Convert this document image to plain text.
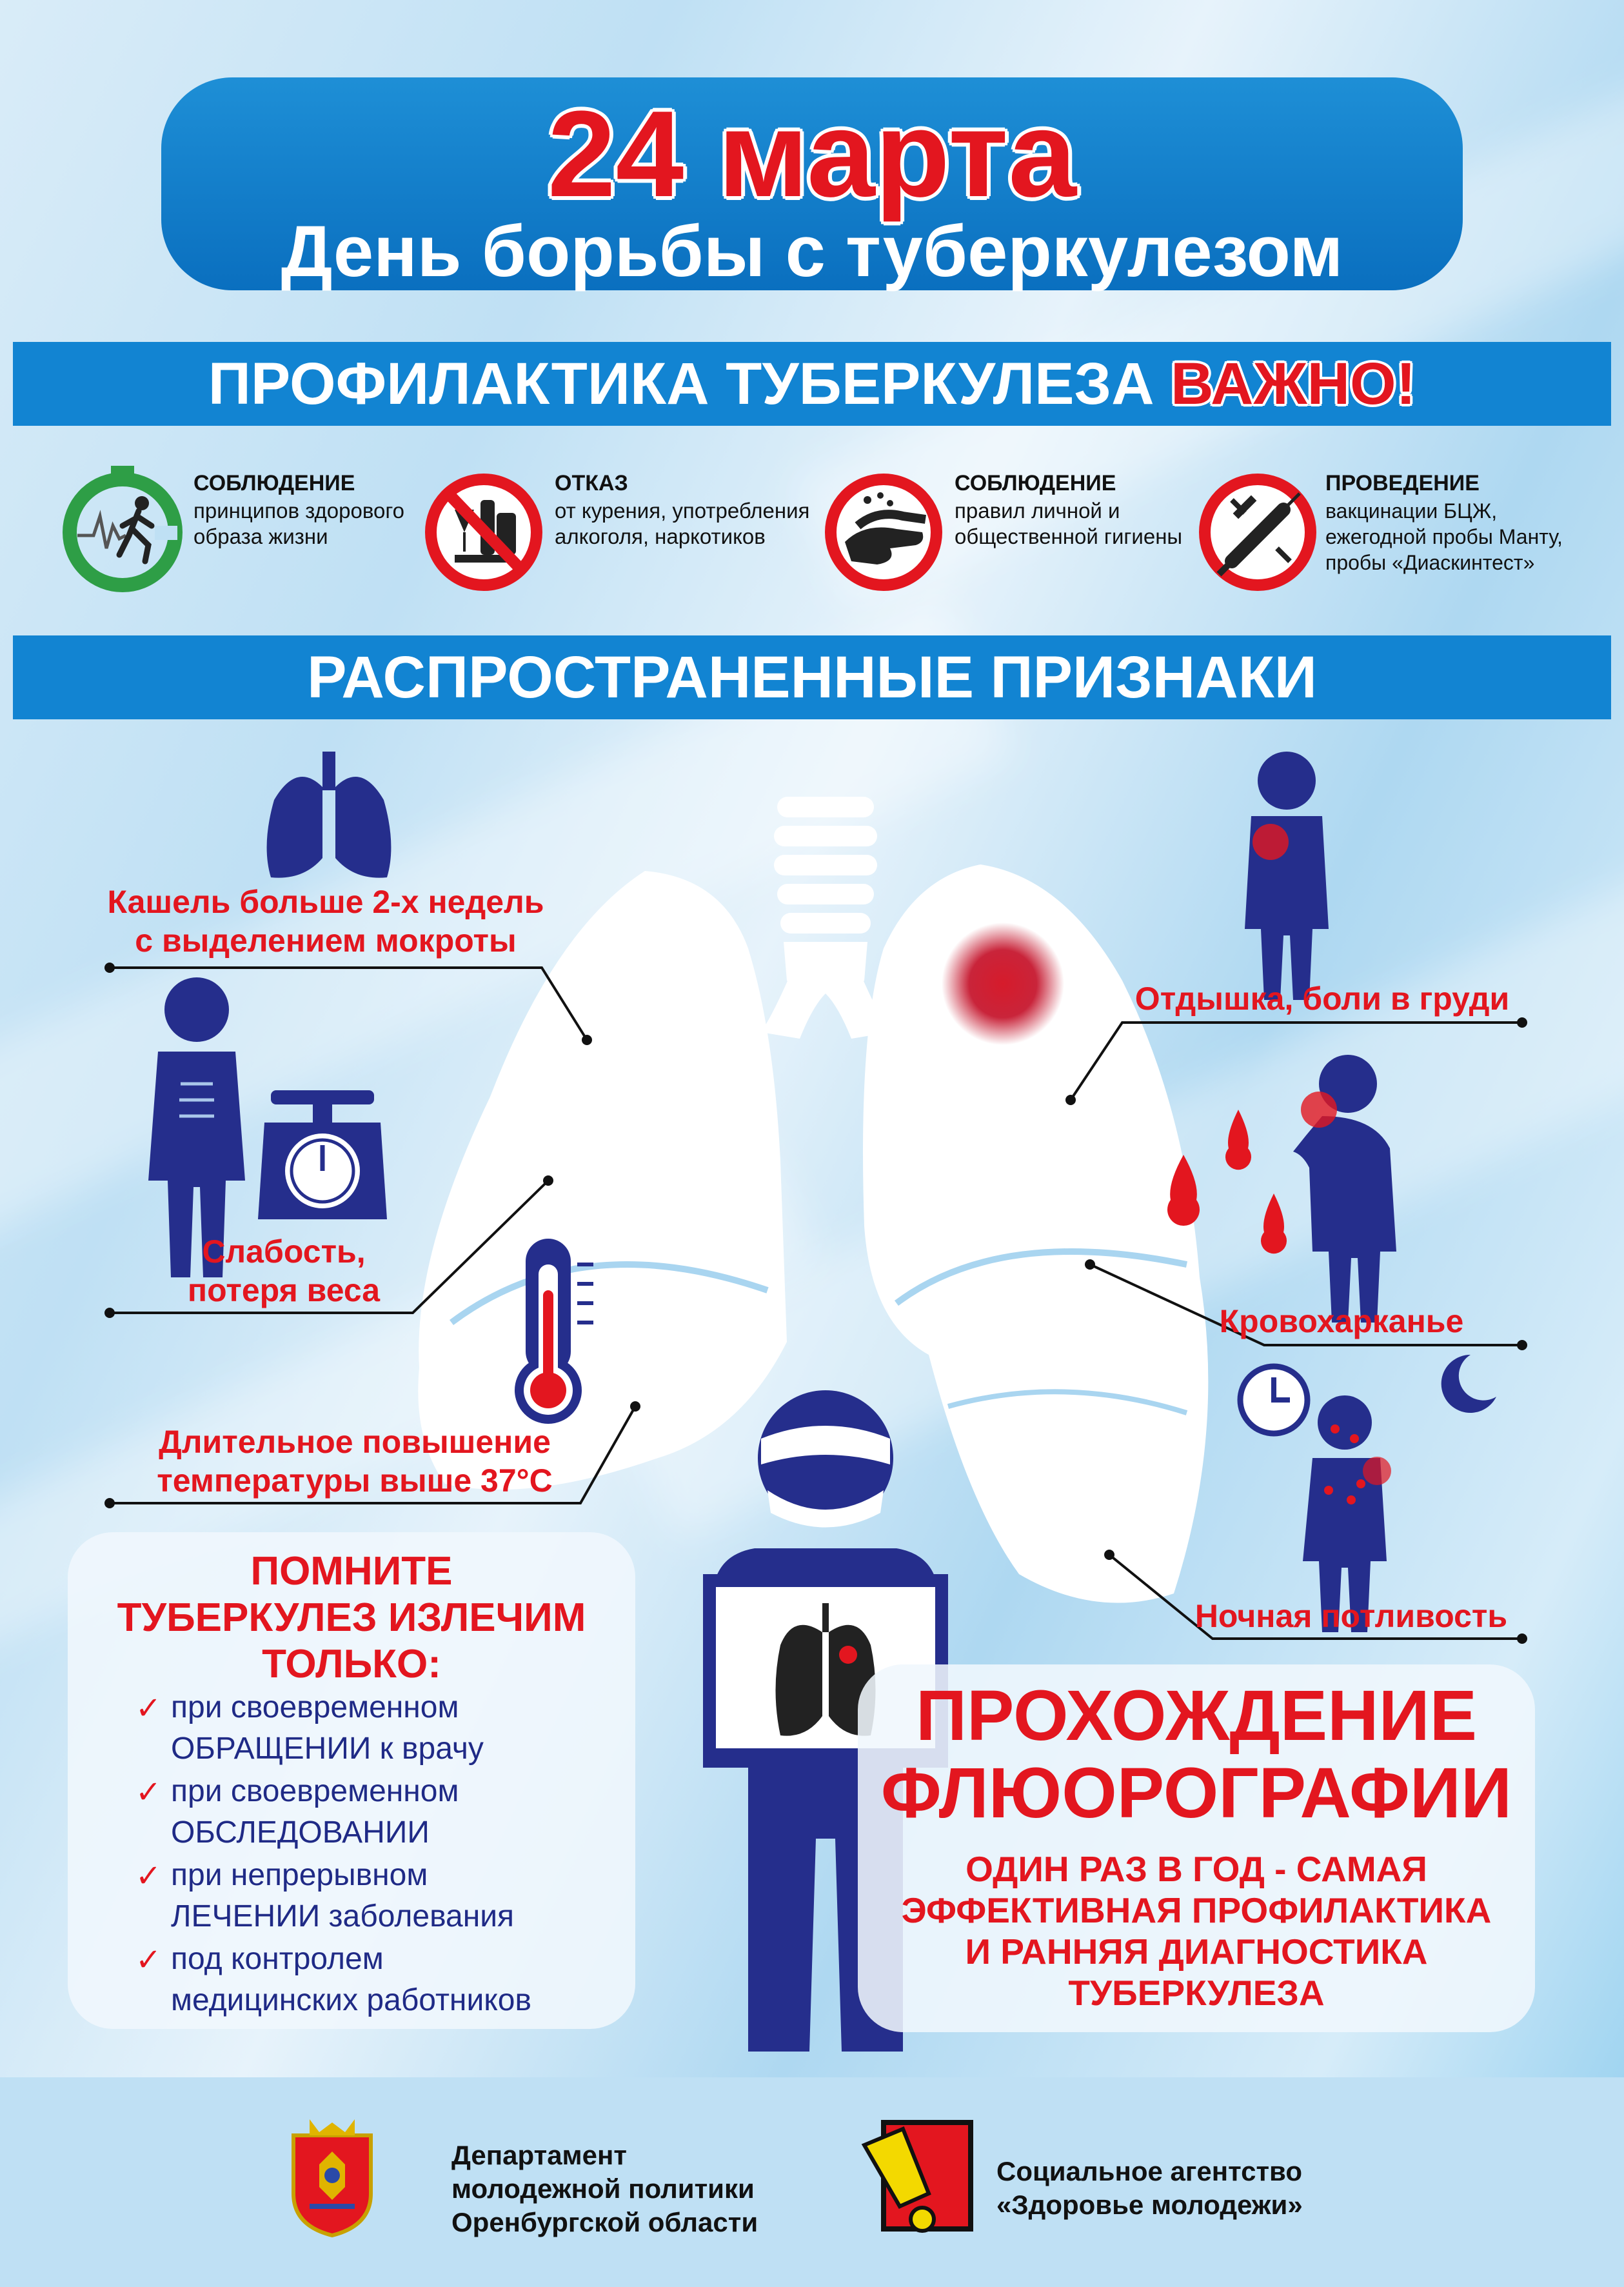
24 марта
День борьбы с туберкулезом
ПРОФИЛАКТИКА ТУБЕРКУЛЕЗА ВАЖНО!
СОБЛЮДЕНИЕ
принципов здорового
образа жизни
ОТКАЗ
от курения, употребления
алкоголя, наркотиков
СОБЛЮДЕНИЕ
правил личной и
общественной гигиены
ПРОВЕДЕНИЕ
вакцинации БЦЖ,
ежегодной пробы Манту,
пробы «Диаскинтест»
РАСПРОСТРАНЕННЫЕ ПРИЗНАКИ
Кашель больше 2-х недель
с выделением мокроты
Слабость,
потеря веса
Длительное повышение
температуры выше 37°С
Отдышка, боли в груди
Кровохарканье
Ночная потливость
ПОМНИТЕ
ТУБЕРКУЛЕЗ ИЗЛЕЧИМ
ТОЛЬКО:
✓ при своевременном
ОБРАЩЕНИИ к врачу
✓ при своевременном
ОБСЛЕДОВАНИИ
✓ при непрерывном
ЛЕЧЕНИИ заболевания
✓ под контролем
медицинских работников
ПРОХОЖДЕНИЕ
ФЛЮОРОГРАФИИ
ОДИН РАЗ В ГОД - САМАЯ
ЭФФЕКТИВНАЯ ПРОФИЛАКТИКА
И РАННЯЯ ДИАГНОСТИКА
ТУБЕРКУЛЕЗА
Департамент
молодежной политики
Оренбургской области
Социальное агентство
«Здоровье молодежи»
